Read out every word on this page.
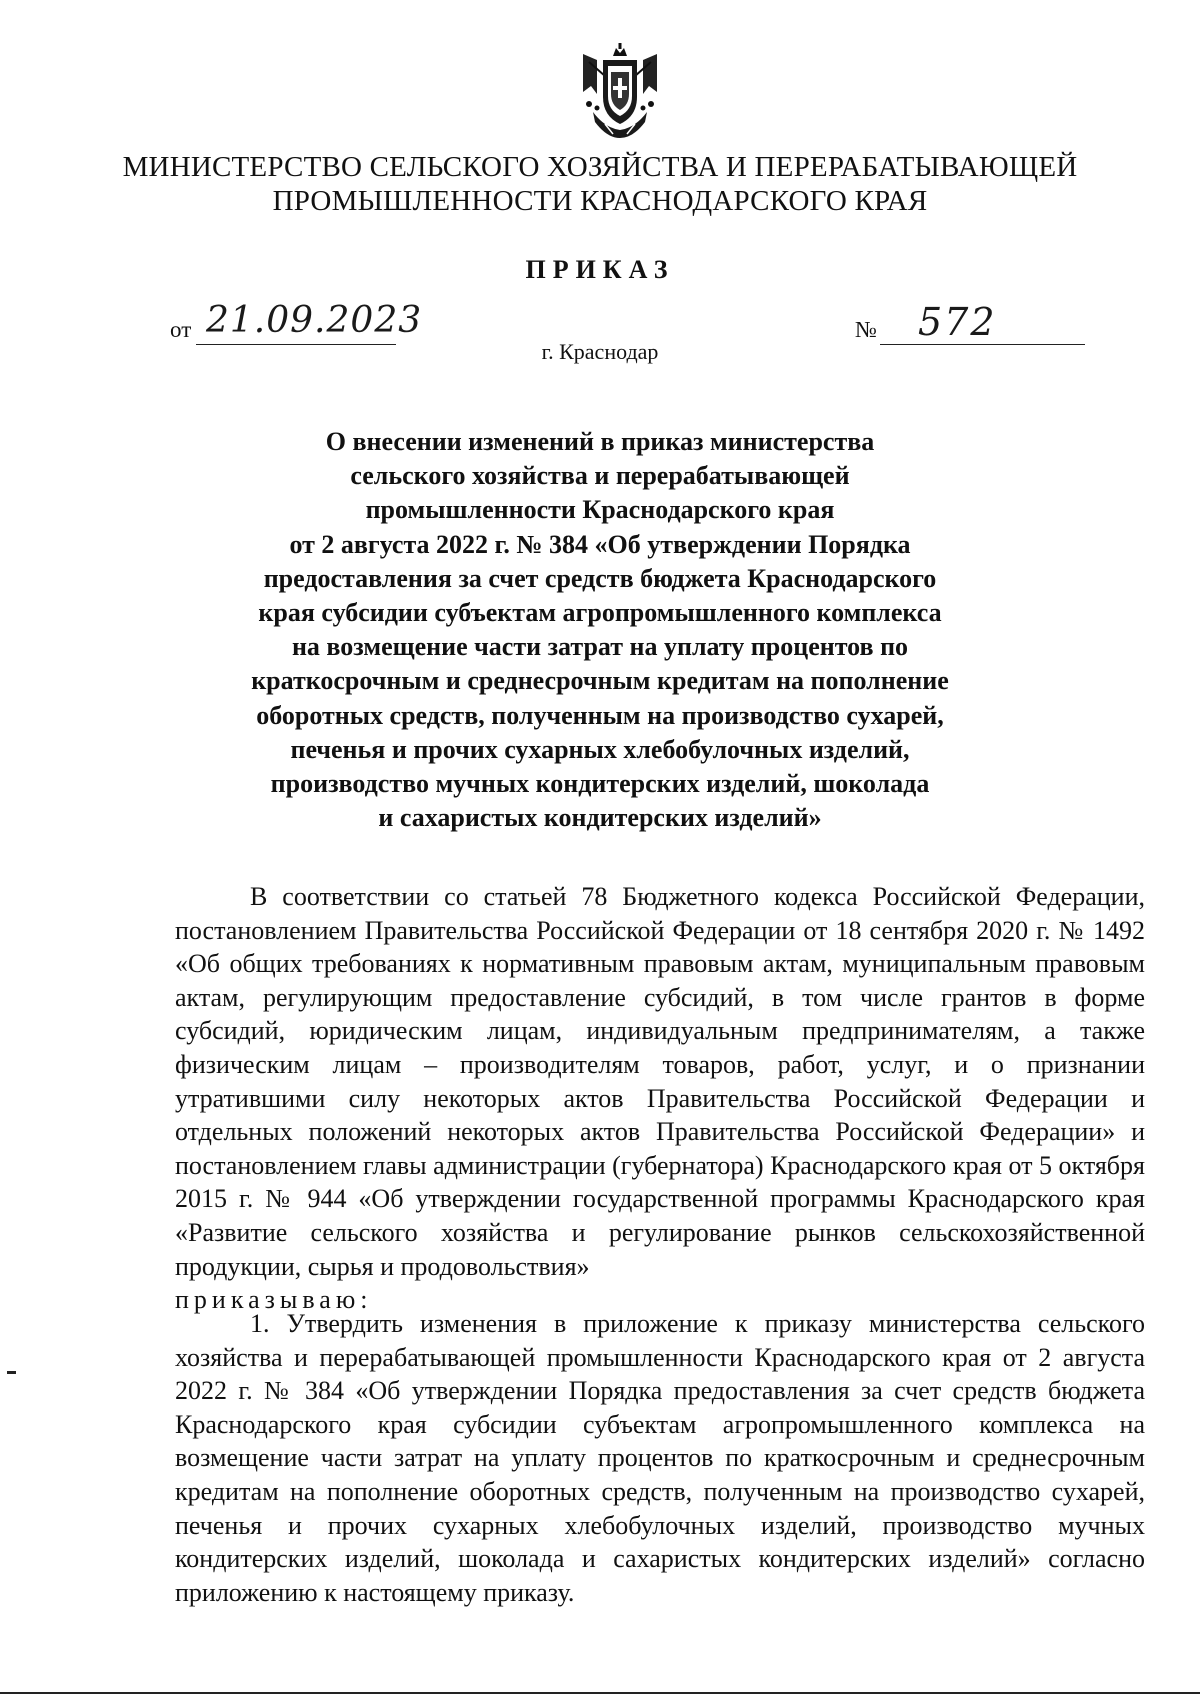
МИНИСТЕРСТВО СЕЛЬСКОГО ХОЗЯЙСТВА И ПЕРЕРАБАТЫВАЮЩЕЙ
ПРОМЫШЛЕННОСТИ КРАСНОДАРСКОГО КРАЯ
ПРИКАЗ
от 21.09.2023	№ 572
г. Краснодар
О внесении изменений в приказ министерства
сельского хозяйства и перерабатывающей
промышленности Краснодарского края
от 2 августа 2022 г. № 384 «Об утверждении Порядка
предоставления за счет средств бюджета Краснодарского
края субсидии субъектам агропромышленного комплекса
на возмещение части затрат на уплату процентов по
краткосрочным и среднесрочным кредитам на пополнение
оборотных средств, полученным на производство сухарей,
печенья и прочих сухарных хлебобулочных изделий,
производство мучных кондитерских изделий, шоколада
и сахаристых кондитерских изделий»

В соответствии со статьей 78 Бюджетного кодекса Российской Федерации, постановлением Правительства Российской Федерации от 18 сентября 2020 г. № 1492 «Об общих требованиях к нормативным правовым актам, муниципальным правовым актам, регулирующим предоставление субсидий, в том числе грантов в форме субсидий, юридическим лицам, индивидуальным предпринимателям, а также физическим лицам – производителям товаров, работ, услуг, и о признании утратившими силу некоторых актов Правительства Российской Федерации и отдельных положений некоторых актов Правительства Российской Федерации» и постановлением главы администрации (губернатора) Краснодарского края от 5 октября 2015 г. № 944 «Об утверждении государственной программы Краснодарского края «Развитие сельского хозяйства и регулирование рынков сельскохозяйственной продукции, сырья и продовольствия»

приказываю:

1. Утвердить изменения в приложение к приказу министерства сельского хозяйства и перерабатывающей промышленности Краснодарского края от 2 августа 2022 г. № 384 «Об утверждении Порядка предоставления за счет средств бюджета Краснодарского края субсидии субъектам агропромышленного комплекса на возмещение части затрат на уплату процентов по краткосрочным и среднесрочным кредитам на пополнение оборотных средств, полученным на производство сухарей, печенья и прочих сухарных хлебобулочных изделий, производство мучных кондитерских изделий, шоколада и сахаристых кондитерских изделий» согласно приложению к настоящему приказу.
